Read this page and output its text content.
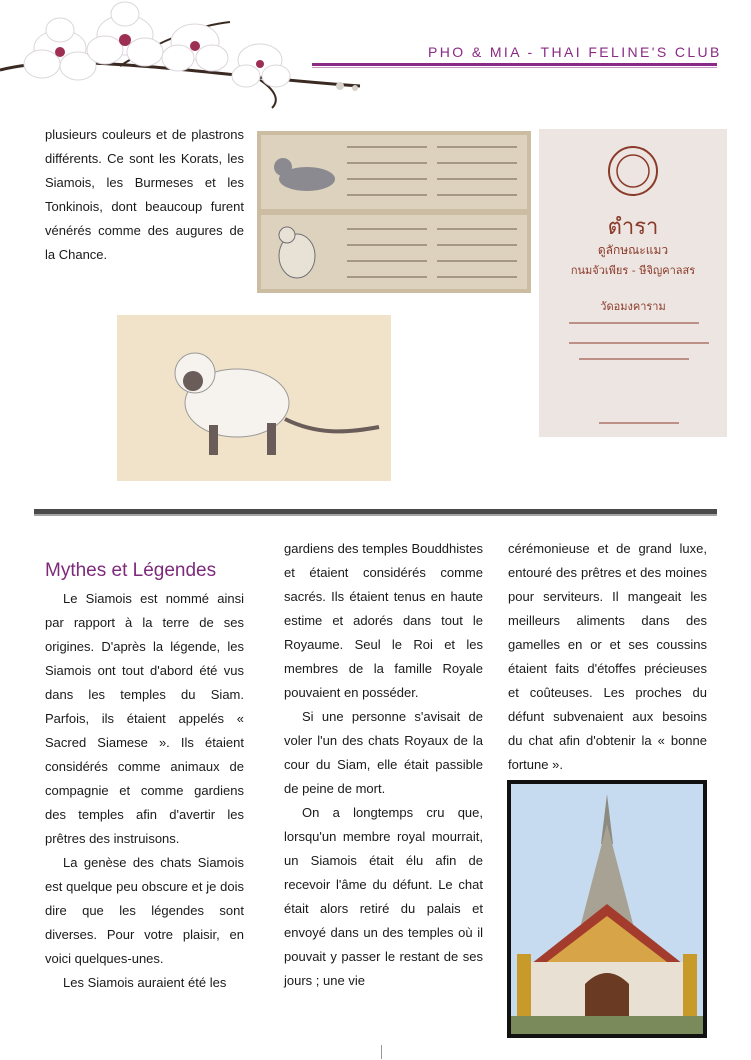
PHO & MIA - THAI FELINE'S CLUB

plusieurs couleurs et de plastrons différents. Ce sont les Korats, les Siamois, les Burmeses et les Tonkinois, dont beaucoup furent vénérés comme des augures de la Chance.

ตำรา
ดูลักษณะแมว
กนมจัวเพียร - ษีจิญคาลสร
วัดอมงคาราม
Mythes et Légendes

Le Siamois est nommé ainsi par rapport à la terre de ses origines. D'après la légende, les Siamois ont tout d'abord été vus dans les temples du Siam. Parfois, ils étaient appelés « Sacred Siamese ». Ils étaient considérés comme animaux de compagnie et comme gardiens des temples afin d'avertir les prêtres des instruisons.

La genèse des chats Siamois est quelque peu obscure et je dois dire que les légendes sont diverses. Pour votre plaisir, en voici quelques-unes.

Les Siamois auraient été les

gardiens des temples Bouddhistes et étaient considérés comme sacrés. Ils étaient tenus en haute estime et adorés dans tout le Royaume. Seul le Roi et les membres de la famille Royale pouvaient en posséder.

Si une personne s'avisait de voler l'un des chats Royaux de la cour du Siam, elle était passible de peine de mort.

On a longtemps cru que, lorsqu'un membre royal mourrait, un Siamois était élu afin de recevoir l'âme du défunt. Le chat était alors retiré du palais et envoyé dans un des temples où il pouvait y passer le restant de ses jours ; une vie

cérémonieuse et de grand luxe, entouré des prêtres et des moines pour serviteurs. Il mangeait les meilleurs aliments dans des gamelles en or et ses coussins étaient faits d'étoffes précieuses et coûteuses. Les proches du défunt subvenaient aux besoins du chat afin d'obtenir la « bonne fortune ».
